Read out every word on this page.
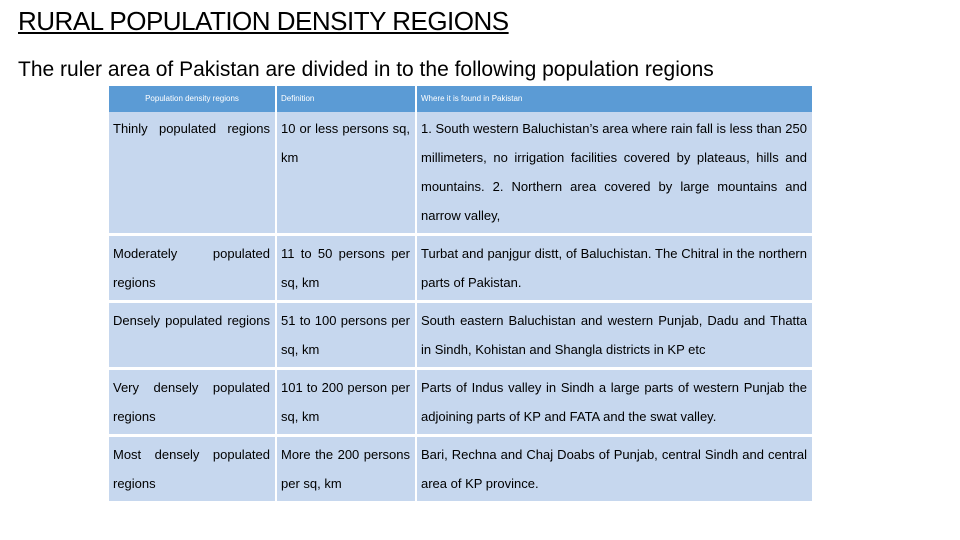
RURAL POPULATION DENSITY REGIONS
The ruler area of Pakistan are divided in to the following population regions
Population density regions	Definition	Where it is found in Pakistan
Thinly populated regions	10 or less persons sq, km	1. South western Baluchistan’s area where rain fall is less than 250 millimeters, no irrigation facilities covered by plateaus, hills and mountains. 2. Northern area covered by large mountains and narrow valley,
Moderately populated regions	11 to 50 persons per sq, km	Turbat and panjgur distt, of Baluchistan. The Chitral in the northern parts of Pakistan.
Densely populated regions	51 to 100 persons per sq, km	South eastern Baluchistan and western Punjab, Dadu and Thatta in Sindh, Kohistan and Shangla districts in KP etc
Very densely populated regions	101 to 200 person per sq, km	Parts of Indus valley in Sindh a large parts of western Punjab the adjoining parts of KP and FATA and the swat valley.
Most densely populated regions	More the 200 persons per sq, km	Bari, Rechna and Chaj Doabs of Punjab, central Sindh and central area of KP province.
